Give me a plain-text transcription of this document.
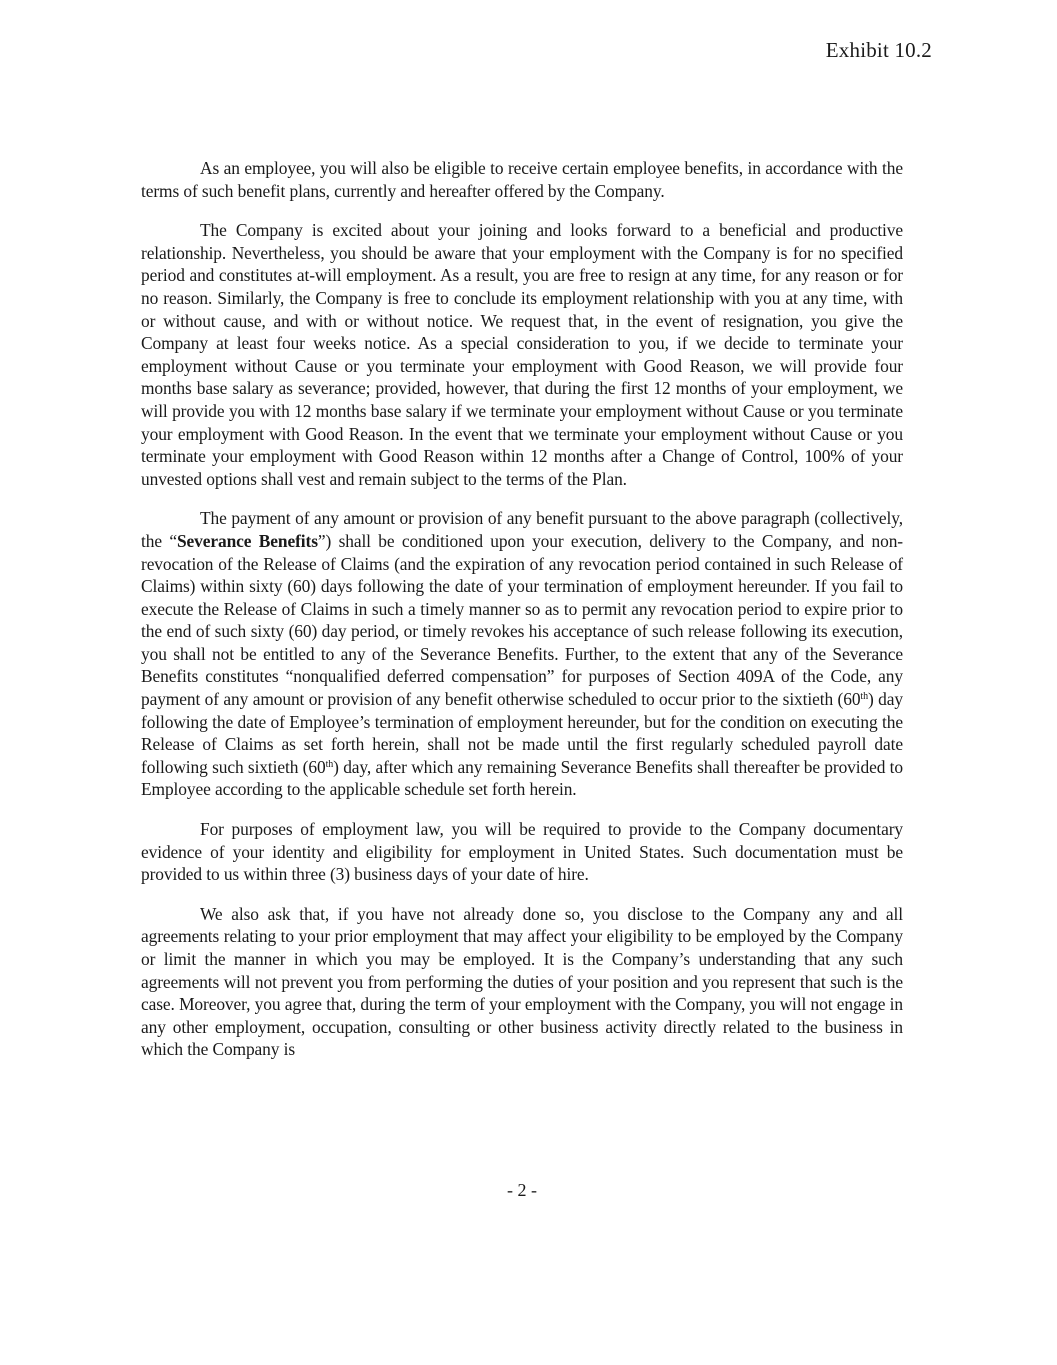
Exhibit 10.2

As an employee, you will also be eligible to receive certain employee benefits, in accordance with the terms of such benefit plans, currently and hereafter offered by the Company.

The Company is excited about your joining and looks forward to a beneficial and productive relationship. Nevertheless, you should be aware that your employment with the Company is for no specified period and constitutes at-will employment. As a result, you are free to resign at any time, for any reason or for no reason. Similarly, the Company is free to conclude its employment relationship with you at any time, with or without cause, and with or without notice. We request that, in the event of resignation, you give the Company at least four weeks notice. As a special consideration to you, if we decide to terminate your employment without Cause or you terminate your employment with Good Reason, we will provide four months base salary as severance; provided, however, that during the first 12 months of your employment, we will provide you with 12 months base salary if we terminate your employment without Cause or you terminate your employment with Good Reason. In the event that we terminate your employment without Cause or you terminate your employment with Good Reason within 12 months after a Change of Control, 100% of your unvested options shall vest and remain subject to the terms of the Plan.

The payment of any amount or provision of any benefit pursuant to the above paragraph (collectively, the “Severance Benefits”) shall be conditioned upon your execution, delivery to the Company, and non-revocation of the Release of Claims (and the expiration of any revocation period contained in such Release of Claims) within sixty (60) days following the date of your termination of employment hereunder. If you fail to execute the Release of Claims in such a timely manner so as to permit any revocation period to expire prior to the end of such sixty (60) day period, or timely revokes his acceptance of such release following its execution, you shall not be entitled to any of the Severance Benefits. Further, to the extent that any of the Severance Benefits constitutes “nonqualified deferred compensation” for purposes of Section 409A of the Code, any payment of any amount or provision of any benefit otherwise scheduled to occur prior to the sixtieth (60th) day following the date of Employee’s termination of employment hereunder, but for the condition on executing the Release of Claims as set forth herein, shall not be made until the first regularly scheduled payroll date following such sixtieth (60th) day, after which any remaining Severance Benefits shall thereafter be provided to Employee according to the applicable schedule set forth herein.

For purposes of employment law, you will be required to provide to the Company documentary evidence of your identity and eligibility for employment in United States. Such documentation must be provided to us within three (3) business days of your date of hire.

We also ask that, if you have not already done so, you disclose to the Company any and all agreements relating to your prior employment that may affect your eligibility to be employed by the Company or limit the manner in which you may be employed. It is the Company’s understanding that any such agreements will not prevent you from performing the duties of your position and you represent that such is the case. Moreover, you agree that, during the term of your employment with the Company, you will not engage in any other employment, occupation, consulting or other business activity directly related to the business in which the Company is

- 2 -
